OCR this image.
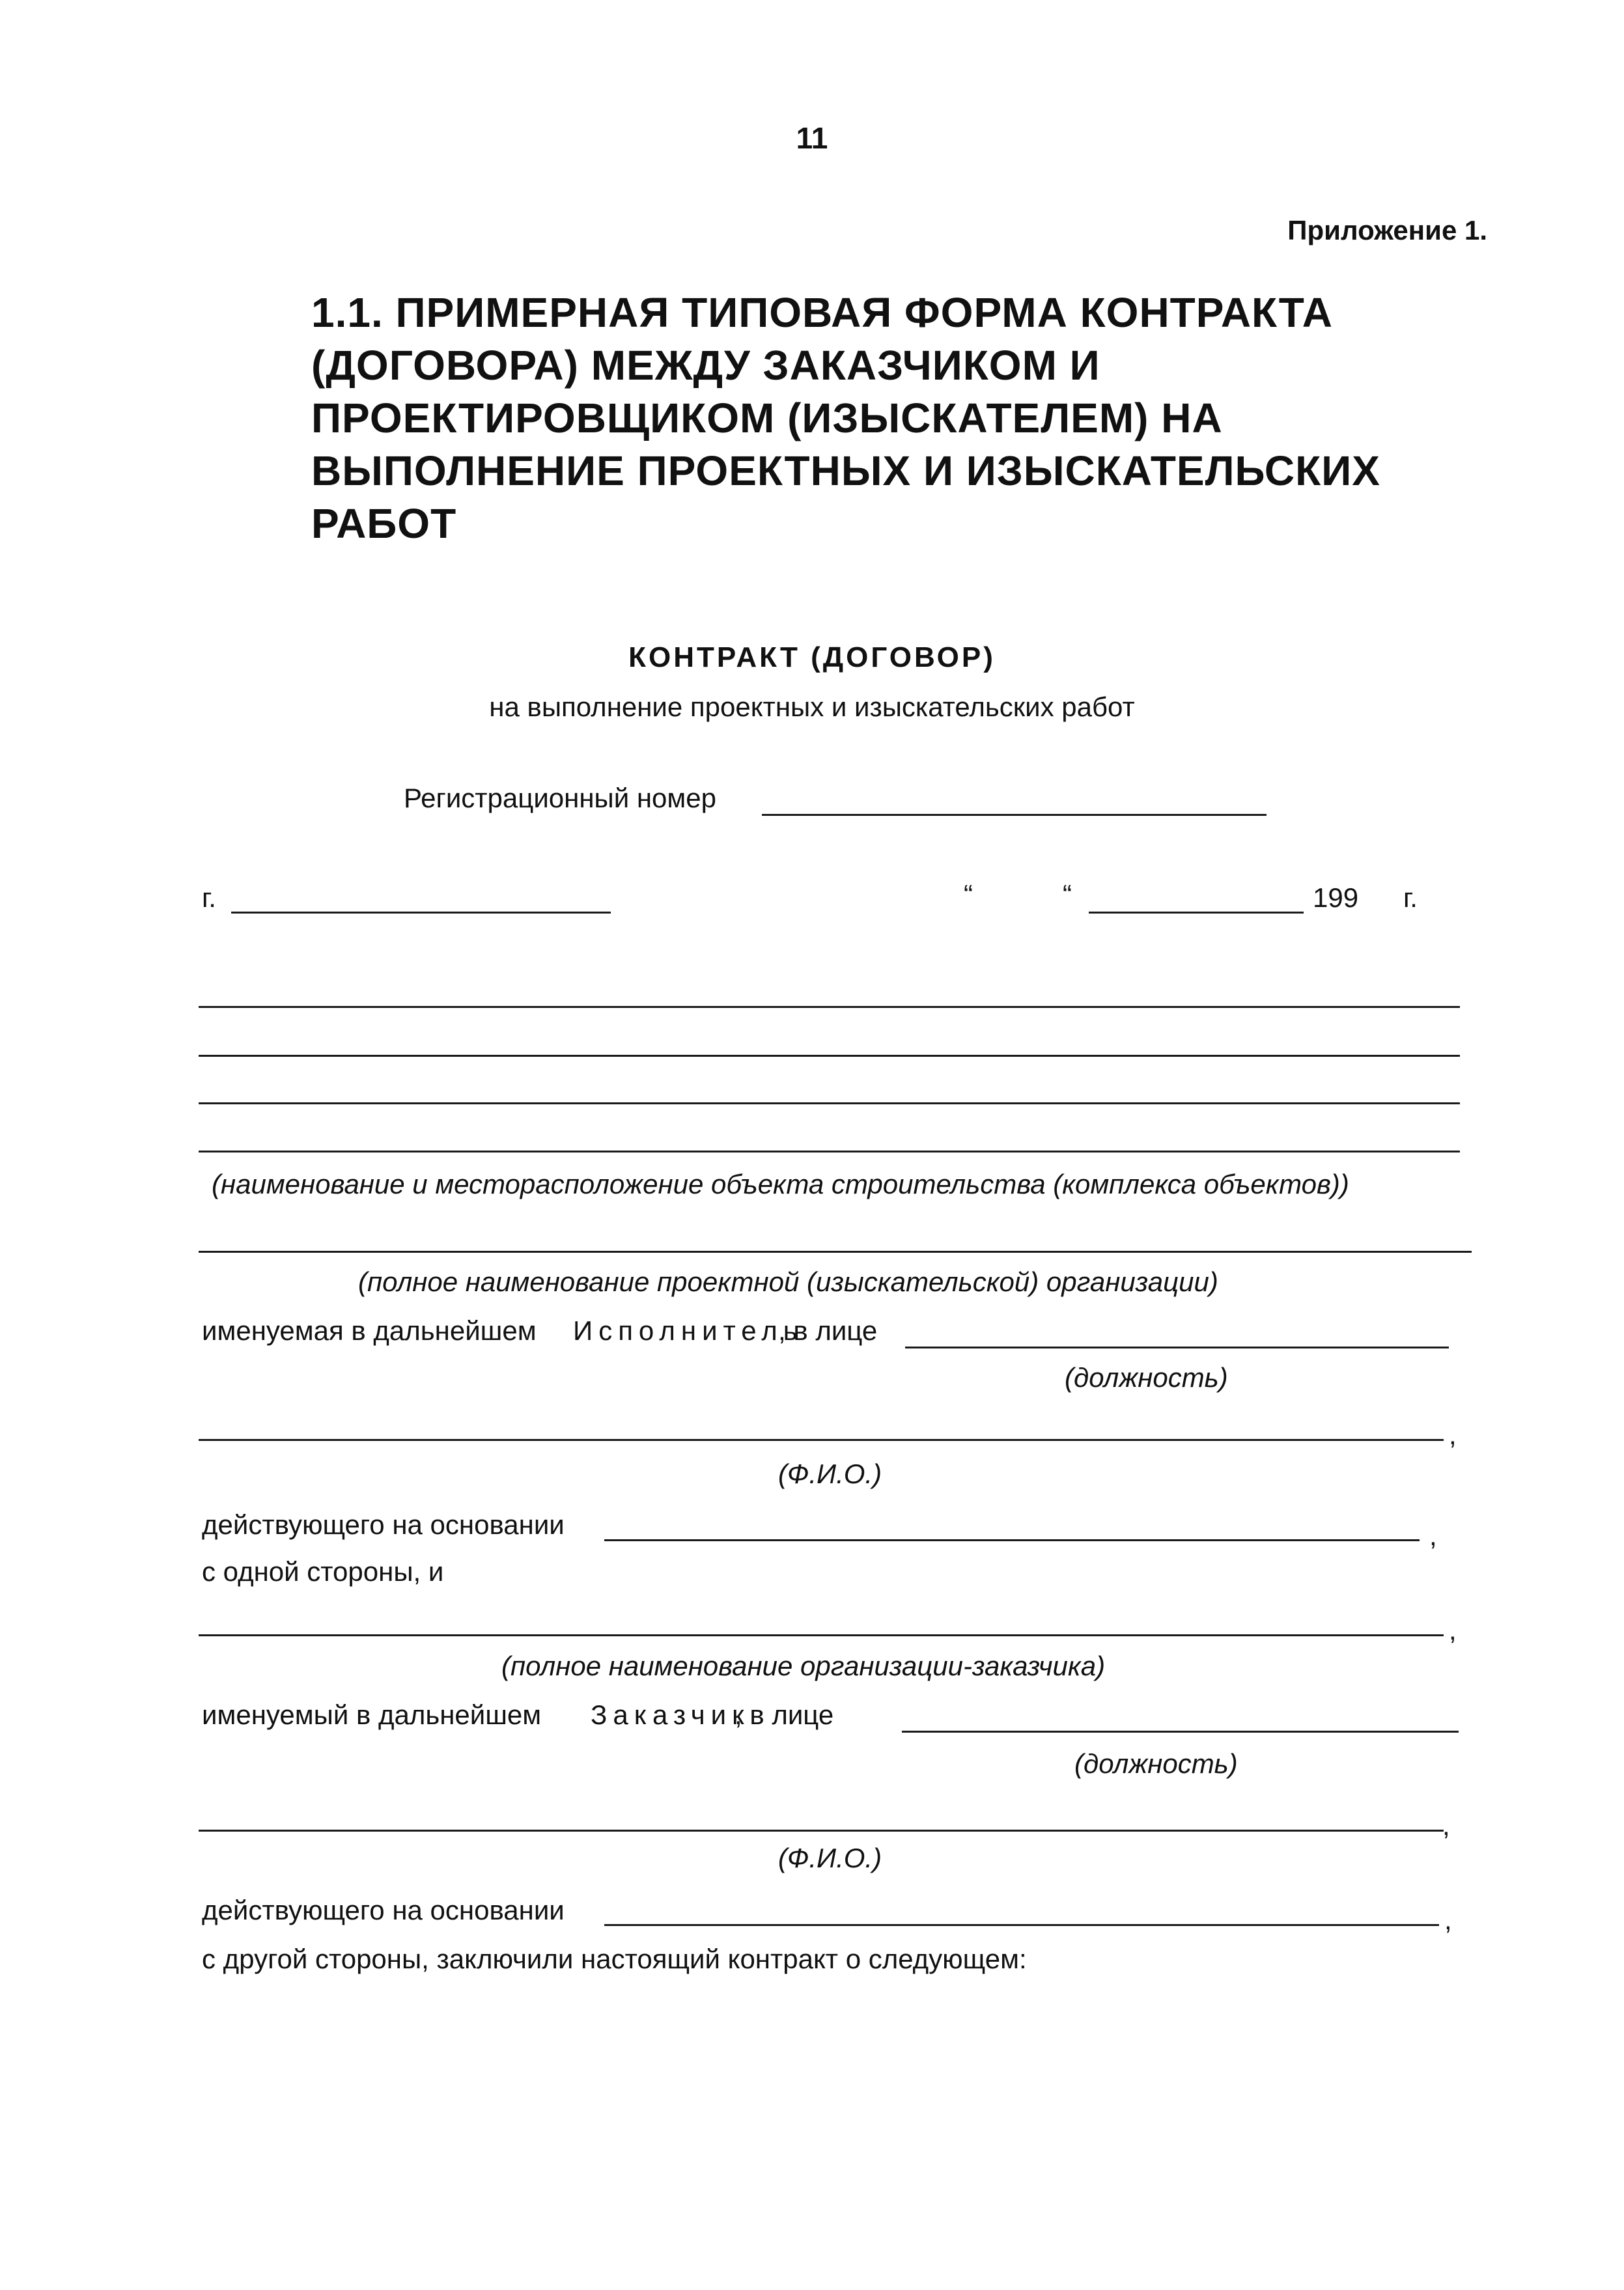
11
Приложение 1.
1.1. ПРИМЕРНАЯ ТИПОВАЯ ФОРМА КОНТРАКТА
(ДОГОВОРА) МЕЖДУ ЗАКАЗЧИКОМ И
ПРОЕКТИРОВЩИКОМ (ИЗЫСКАТЕЛЕМ) НА
ВЫПОЛНЕНИЕ ПРОЕКТНЫХ И ИЗЫСКАТЕЛЬСКИХ
РАБОТ
КОНТРАКТ (ДОГОВОР)
на выполнение проектных и изыскательских работ
Регистрационный номер
г.	“	“	199 г.
(наименование и месторасположение объекта строительства (комплекса объектов))
(полное наименование проектной (изыскательской) организации)
именуемая в дальнейшем Исполнитель
, в лице
(должность)
,
(Ф.И.О.)
действующего на основании	,
с одной стороны, и
,
(полное наименование организации-заказчика)
именуемый в дальнейшем Заказчик
, в лице
(должность)
,
(Ф.И.О.)
действующего на основании	,
с другой стороны, заключили настоящий контракт о следующем:
